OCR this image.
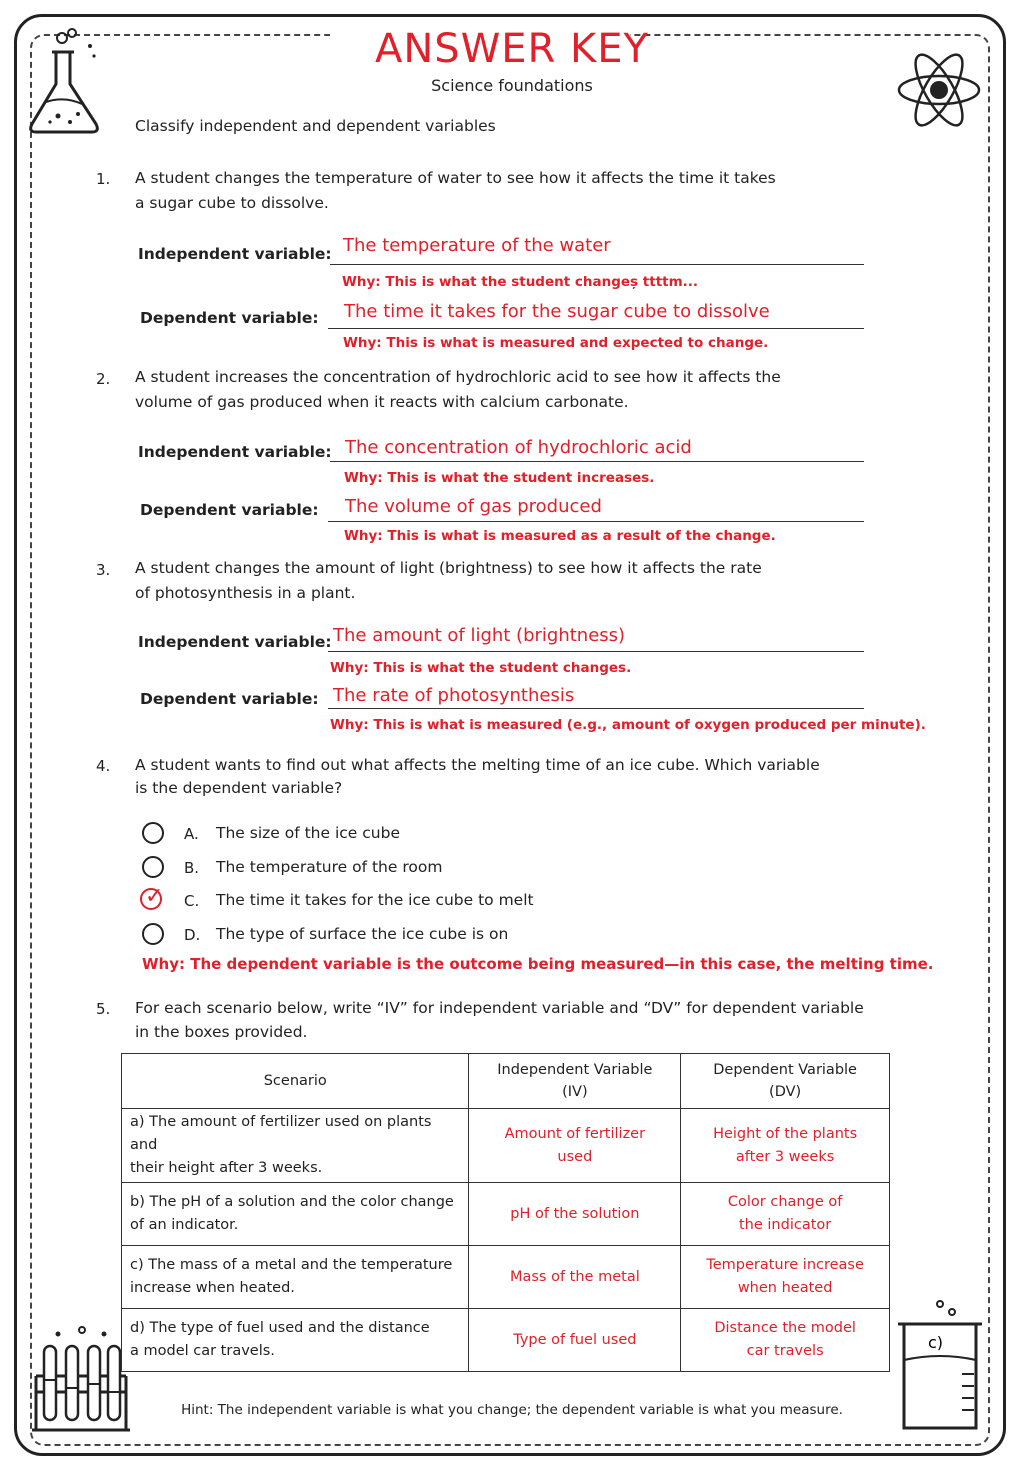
c)
ANSWER KEY
Science foundations
Classify independent and dependent variables
1. A student changes the temperature of water to see how it affects the time it takes
a sugar cube to dissolve.
Independent variable: The temperature of the water
Why: This is what the student changeș ttttm...
Dependent variable: The time it takes for the sugar cube to dissolve
Why: This is what is measured and expected to change.
2. A student increases the concentration of hydrochloric acid to see how it affects the
volume of gas produced when it reacts with calcium carbonate.
Independent variable: The concentration of hydrochloric acid
Why: This is what the student increases.
Dependent variable: The volume of gas produced
Why: This is what is measured as a result of the change.
3. A student changes the amount of light (brightness) to see how it affects the rate
of photosynthesis in a plant.
Independent variable: The amount of light (brightness)
Why: This is what the student changes.
Dependent variable: The rate of photosynthesis
Why: This is what is measured (e.g., amount of oxygen produced per minute).
4. A student wants to find out what affects the melting time of an ice cube. Which variable
is the dependent variable?
A. The size of the ice cube
B. The temperature of the room
✓ C. The time it takes for the ice cube to melt
D. The type of surface the ice cube is on
Why: The dependent variable is the outcome being measured—in this case, the melting time.
5. For each scenario below, write “IV” for independent variable and “DV” for dependent variable
in the boxes provided.
Scenario	Independent Variable
(IV)	Dependent Variable
(DV)
a) The amount of fertilizer used on plants and
their height after 3 weeks.	Amount of fertilizer
used	Height of the plants
after 3 weeks
b) The pH of a solution and the color change
of an indicator.	pH of the solution	Color change of
the indicator
c) The mass of a metal and the temperature
increase when heated.	Mass of the metal	Temperature increase
when heated
d) The type of fuel used and the distance
a model car travels.	Type of fuel used	Distance the model
car travels
Hint: The independent variable is what you change; the dependent variable is what you measure.
